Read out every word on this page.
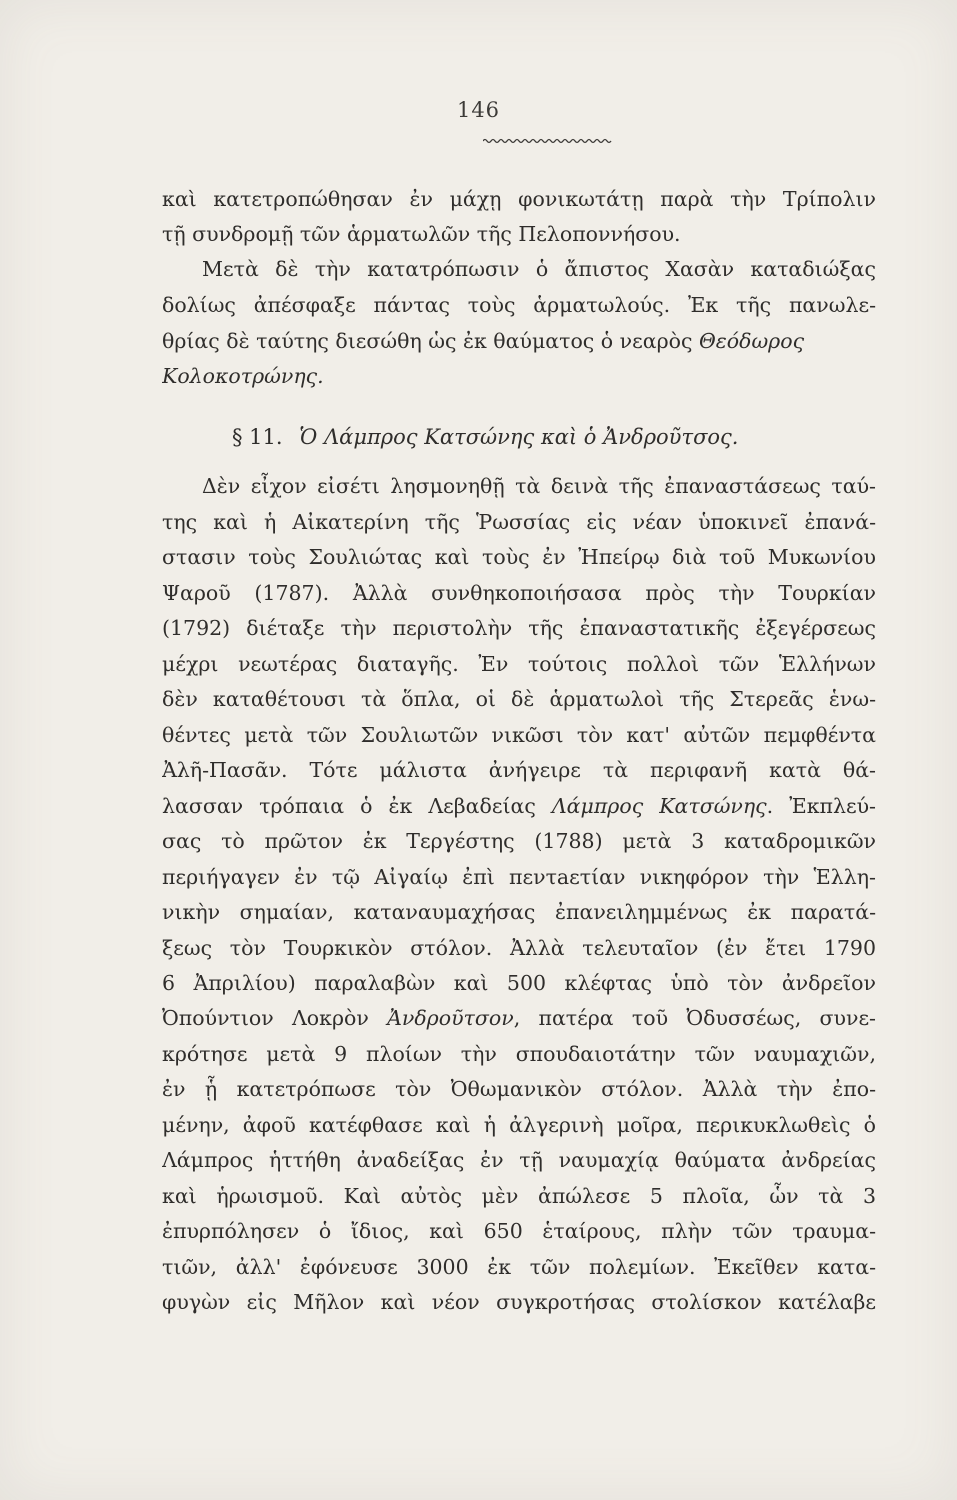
146
καὶ κατετροπώθησαν ἐν μάχῃ φονικωτάτῃ παρὰ τὴν Τρίπολιν
τῇ συνδρομῇ τῶν ἁρματωλῶν τῆς Πελοποννήσου.
Μετὰ δὲ τὴν κατατρόπωσιν ὁ ἄπιστος Χασὰν καταδιώξας
δολίως ἀπέσφαξε πάντας τοὺς ἁρματωλούς. Ἐκ τῆς πανωλε-
θρίας δὲ ταύτης διεσώθη ὡς ἐκ θαύματος ὁ νεαρὸς Θεόδωρος
Κολοκοτρώνης.
§ 11. Ὁ Λάμπρος Κατσώνης καὶ ὁ Ἀνδροῦτσος.
Δὲν εἶχον εἰσέτι λησμονηθῇ τὰ δεινὰ τῆς ἐπαναστάσεως ταύ-
της καὶ ἡ Αἰκατερίνη τῆς Ῥωσσίας εἰς νέαν ὑποκινεῖ ἐπανά-
στασιν τοὺς Σουλιώτας καὶ τοὺς ἐν Ἠπείρῳ διὰ τοῦ Μυκωνίου
Ψαροῦ (1787). Ἀλλὰ συνθηκοποιήσασα πρὸς τὴν Τουρκίαν
(1792) διέταξε τὴν περιστολὴν τῆς ἐπαναστατικῆς ἐξεγέρσεως
μέχρι νεωτέρας διαταγῆς. Ἐν τούτοις πολλοὶ τῶν Ἑλλήνων
δὲν καταθέτουσι τὰ ὅπλα, οἱ δὲ ἁρματωλοὶ τῆς Στερεᾶς ἑνω-
θέντες μετὰ τῶν Σουλιωτῶν νικῶσι τὸν κατ' αὐτῶν πεμφθέντα
Ἀλῆ-Πασᾶν. Τότε μάλιστα ἀνήγειρε τὰ περιφανῆ κατὰ θά-
λασσαν τρόπαια ὁ ἐκ Λεβαδείας Λάμπρος Κατσώνης. Ἐκπλεύ-
σας τὸ πρῶτον ἐκ Τεργέστης (1788) μετὰ 3 καταδρομικῶν
περιήγαγεν ἐν τῷ Αἰγαίῳ ἐπὶ πεντaετίαν νικηφόρον τὴν Ἑλλη-
νικὴν σημαίαν, καταναυμαχήσας ἐπανειλημμένως ἐκ παρατά-
ξεως τὸν Τουρκικὸν στόλον. Ἀλλὰ τελευταῖον (ἐν ἔτει 1790
6 Ἀπριλίου) παραλαβὼν καὶ 500 κλέφτας ὑπὸ τὸν ἀνδρεῖον
Ὀπούντιον Λοκρὸν Ἀνδροῦτσον, πατέρα τοῦ Ὀδυσσέως, συνε-
κρότησε μετὰ 9 πλοίων τὴν σπουδαιοτάτην τῶν ναυμαχιῶν,
ἐν ᾗ κατετρόπωσε τὸν Ὀθωμανικὸν στόλον. Ἀλλὰ τὴν ἐπο-
μένην, ἀφοῦ κατέφθασε καὶ ἡ ἀλγερινὴ μοῖρα, περικυκλωθεὶς ὁ
Λάμπρος ἡττήθη ἀναδείξας ἐν τῇ ναυμαχίᾳ θαύματα ἀνδρείας
καὶ ἡρωισμοῦ. Καὶ αὐτὸς μὲν ἀπώλεσε 5 πλοῖα, ὧν τὰ 3
ἐπυρπόλησεν ὁ ἴδιος, καὶ 650 ἑταίρους, πλὴν τῶν τραυμα-
τιῶν, ἀλλ' ἐφόνευσε 3000 ἐκ τῶν πολεμίων. Ἐκεῖθεν κατα-
φυγὼν εἰς Μῆλον καὶ νέον συγκροτήσας στολίσκον κατέλαβε
